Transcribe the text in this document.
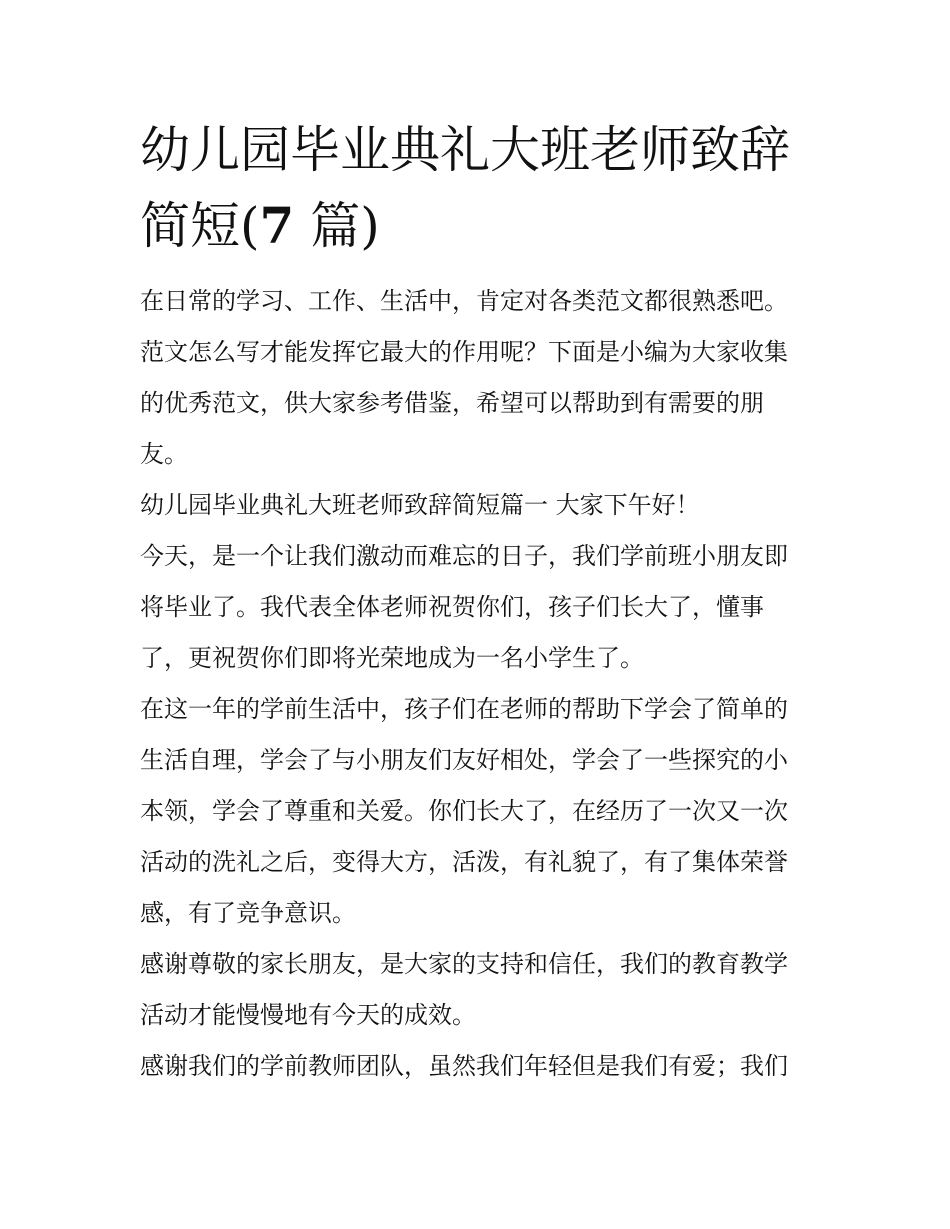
幼儿园毕业典礼大班老师致辞
简短(7 篇)
在日常的学习、工作、生活中，肯定对各类范文都很熟悉吧。
范文怎么写才能发挥它最大的作用呢？下面是小编为大家收集
的优秀范文，供大家参考借鉴，希望可以帮助到有需要的朋
友。
幼儿园毕业典礼大班老师致辞简短篇一 大家下午好！
今天，是一个让我们激动而难忘的日子，我们学前班小朋友即
将毕业了。我代表全体老师祝贺你们，孩子们长大了，懂事
了，更祝贺你们即将光荣地成为一名小学生了。
在这一年的学前生活中，孩子们在老师的帮助下学会了简单的
生活自理，学会了与小朋友们友好相处，学会了一些探究的小
本领，学会了尊重和关爱。你们长大了，在经历了一次又一次
活动的洗礼之后，变得大方，活泼，有礼貌了，有了集体荣誉
感，有了竞争意识。
感谢尊敬的家长朋友，是大家的支持和信任，我们的教育教学
活动才能慢慢地有今天的成效。
感谢我们的学前教师团队，虽然我们年轻但是我们有爱；我们
